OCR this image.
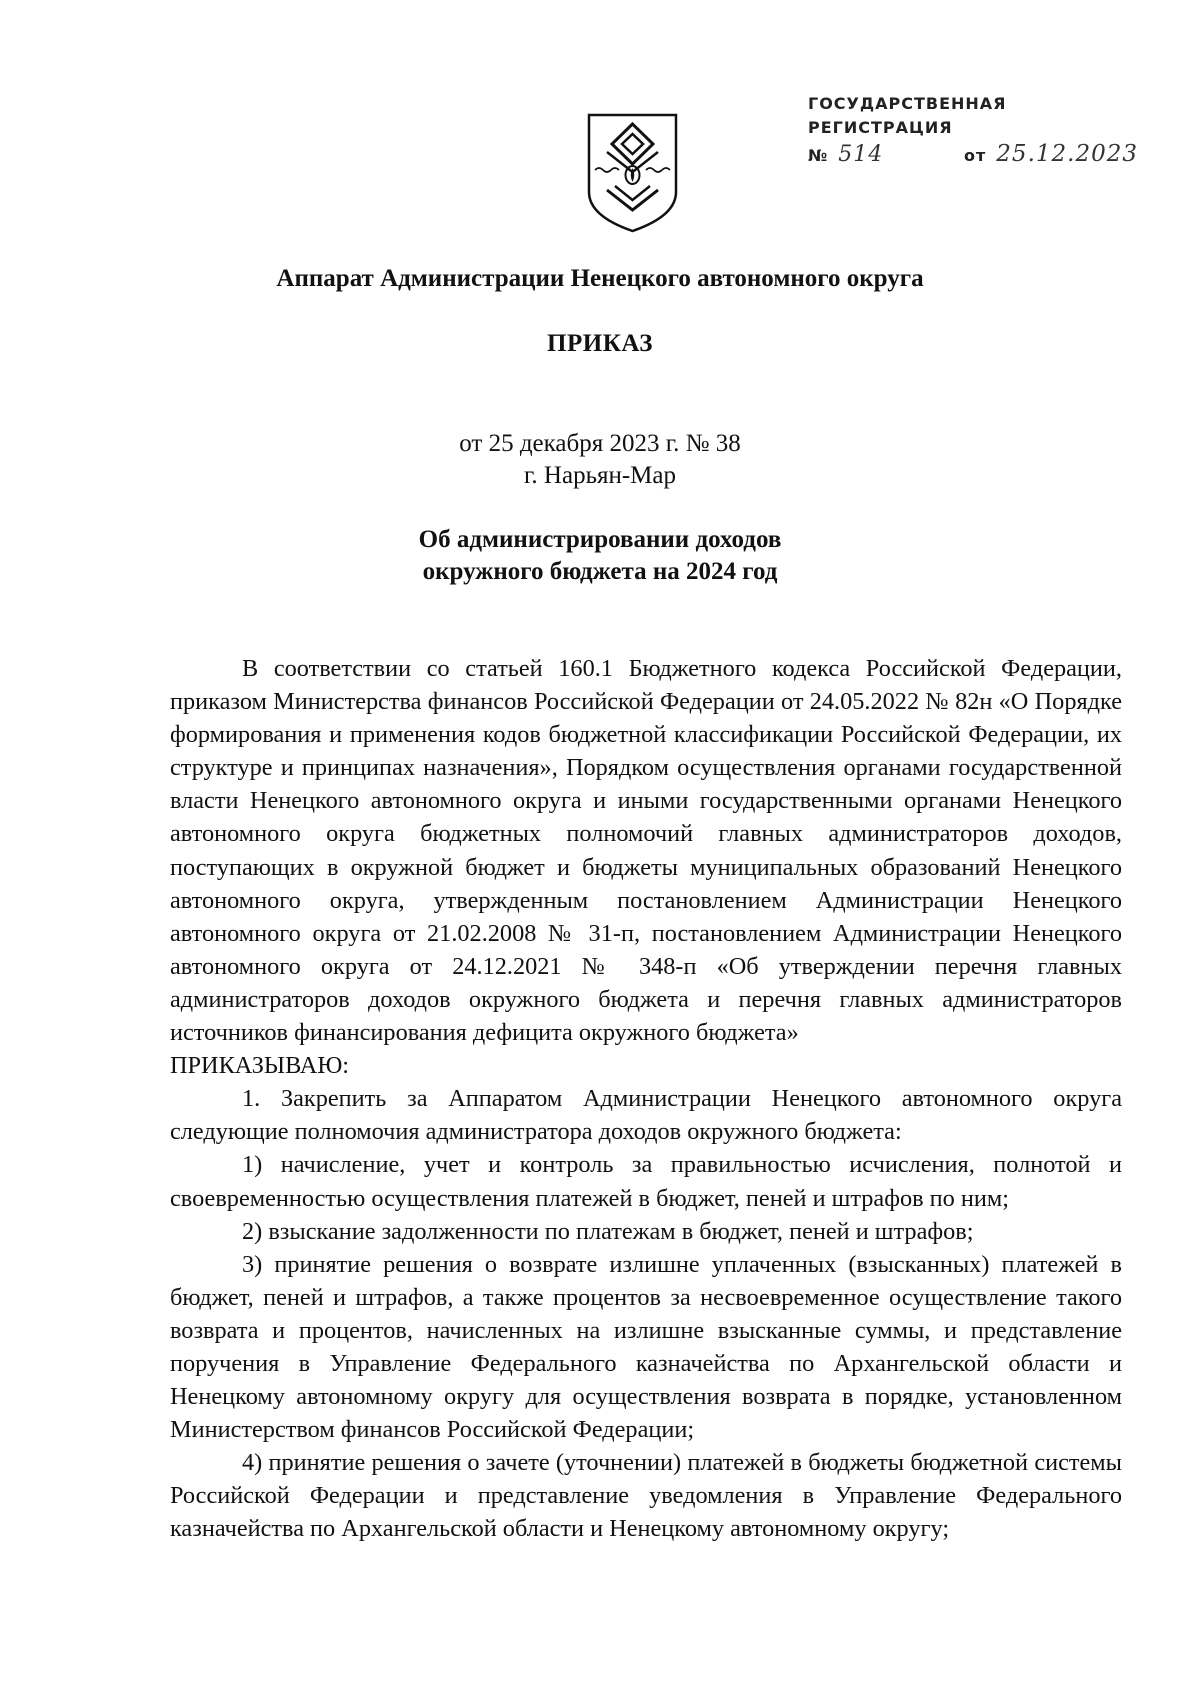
ГОСУДАРСТВЕННАЯ
РЕГИСТРАЦИЯ
№ 514	от 25.12.2023
Аппарат Администрации Ненецкого автономного округа
ПРИКАЗ
от 25 декабря 2023 г. № 38
г. Нарьян-Мар
Об администрировании доходов
окружного бюджета на 2024 год

В соответствии со статьей 160.1 Бюджетного кодекса Российской Федерации, приказом Министерства финансов Российской Федерации от 24.05.2022 № 82н «О Порядке формирования и применения кодов бюджетной классификации Российской Федерации, их структуре и принципах назначения», Порядком осуществления органами государственной власти Ненецкого автономного округа и иными государственными органами Ненецкого автономного округа бюджетных полномочий главных администраторов доходов, поступающих в окружной бюджет и бюджеты муниципальных образований Ненецкого автономного округа, утвержденным постановлением Администрации Ненецкого автономного округа от 21.02.2008 № 31-п, постановлением Администрации Ненецкого автономного округа от 24.12.2021 № 348-п «Об утверждении перечня главных администраторов доходов окружного бюджета и перечня главных администраторов источников финансирования дефицита окружного бюджета»

ПРИКАЗЫВАЮ:

1. Закрепить за Аппаратом Администрации Ненецкого автономного округа следующие полномочия администратора доходов окружного бюджета:

1) начисление, учет и контроль за правильностью исчисления, полнотой и своевременностью осуществления платежей в бюджет, пеней и штрафов по ним;

2) взыскание задолженности по платежам в бюджет, пеней и штрафов;

3) принятие решения о возврате излишне уплаченных (взысканных) платежей в бюджет, пеней и штрафов, а также процентов за несвоевременное осуществление такого возврата и процентов, начисленных на излишне взысканные суммы, и представление поручения в Управление Федерального казначейства по Архангельской области и Ненецкому автономному округу для осуществления возврата в порядке, установленном Министерством финансов Российской Федерации;

4) принятие решения о зачете (уточнении) платежей в бюджеты бюджетной системы Российской Федерации и представление уведомления в Управление Федерального казначейства по Архангельской области и Ненецкому автономному округу;
